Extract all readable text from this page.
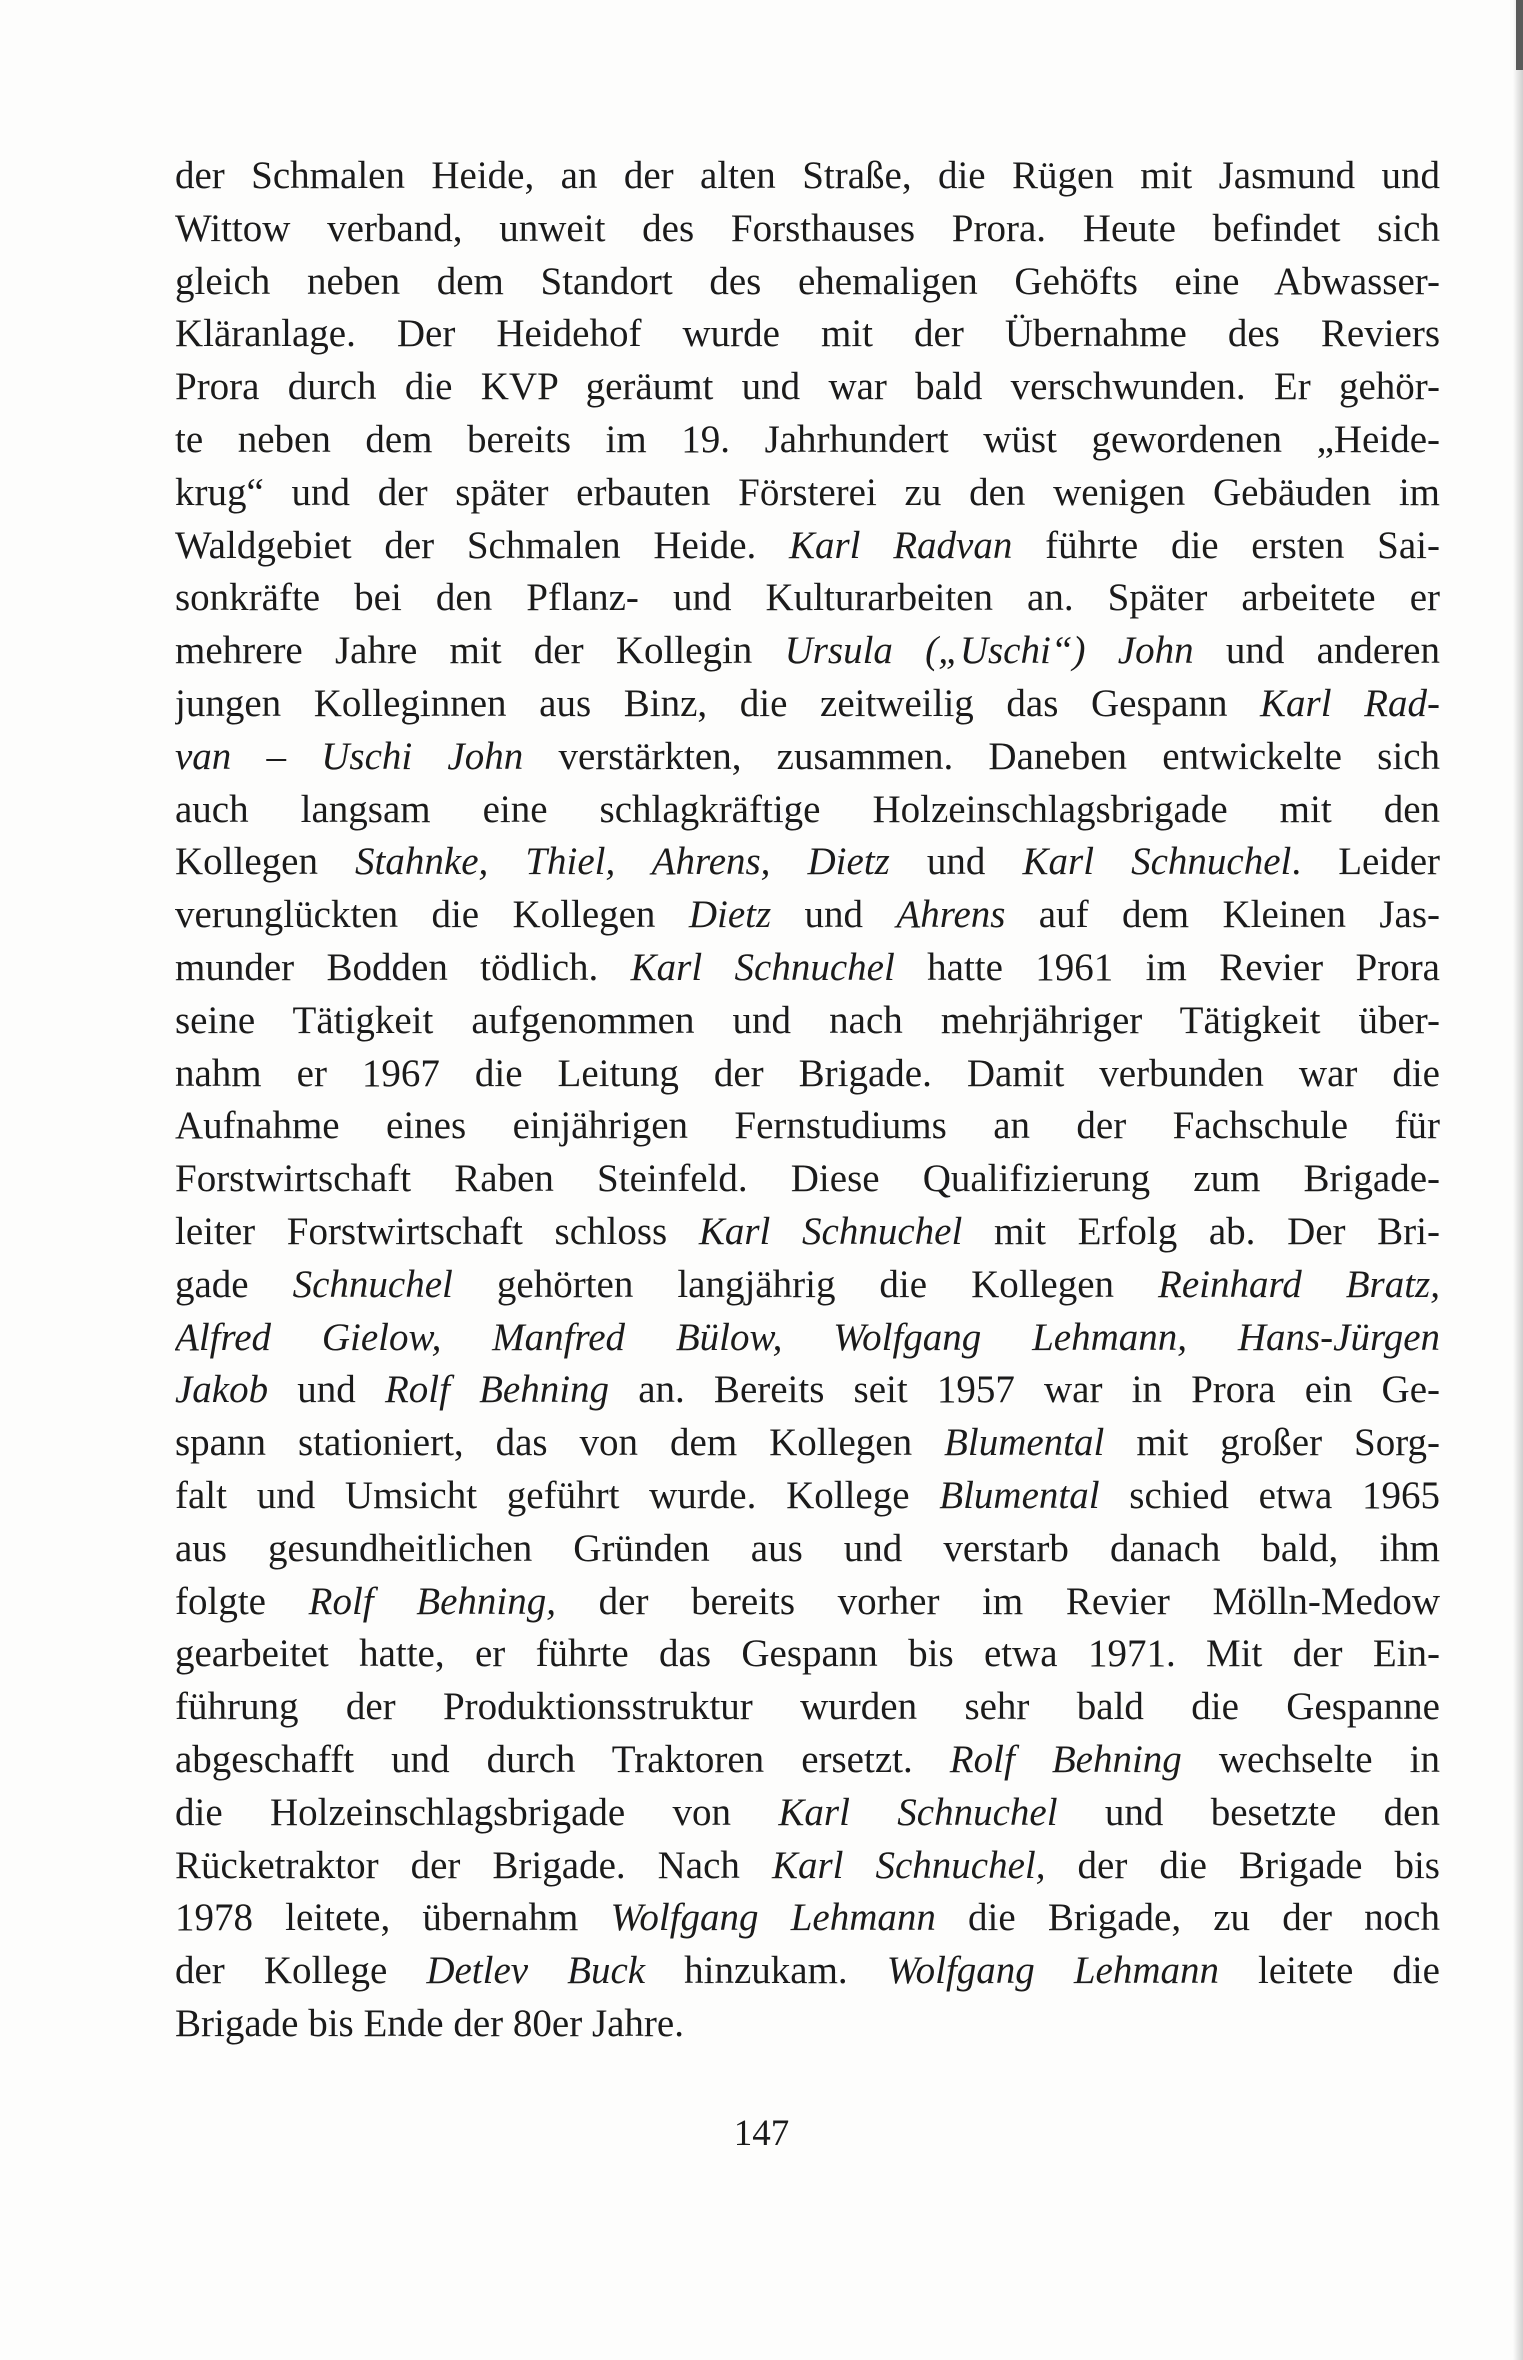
der Schmalen Heide, an der alten Straße, die Rügen mit Jasmund und
Wittow verband, unweit des Forsthauses Prora. Heute befindet sich
gleich neben dem Standort des ehemaligen Gehöfts eine Abwasser-
Kläranlage. Der Heidehof wurde mit der Übernahme des Reviers
Prora durch die KVP geräumt und war bald verschwunden. Er gehör-
te neben dem bereits im 19. Jahrhundert wüst gewordenen „Heide-
krug“ und der später erbauten Försterei zu den wenigen Gebäuden im
Waldgebiet der Schmalen Heide. Karl Radvan führte die ersten Sai-
sonkräfte bei den Pflanz- und Kulturarbeiten an. Später arbeitete er
mehrere Jahre mit der Kollegin Ursula („Uschi“) John und anderen
jungen Kolleginnen aus Binz, die zeitweilig das Gespann Karl Rad-
van – Uschi John verstärkten, zusammen. Daneben entwickelte sich
auch langsam eine schlagkräftige Holzeinschlagsbrigade mit den
Kollegen Stahnke, Thiel, Ahrens, Dietz und Karl Schnuchel. Leider
verunglückten die Kollegen Dietz und Ahrens auf dem Kleinen Jas-
munder Bodden tödlich. Karl Schnuchel hatte 1961 im Revier Prora
seine Tätigkeit aufgenommen und nach mehrjähriger Tätigkeit über-
nahm er 1967 die Leitung der Brigade. Damit verbunden war die
Aufnahme eines einjährigen Fernstudiums an der Fachschule für
Forstwirtschaft Raben Steinfeld. Diese Qualifizierung zum Brigade-
leiter Forstwirtschaft schloss Karl Schnuchel mit Erfolg ab. Der Bri-
gade Schnuchel gehörten langjährig die Kollegen Reinhard Bratz,
Alfred Gielow, Manfred Bülow, Wolfgang Lehmann, Hans-Jürgen
Jakob und Rolf Behning an. Bereits seit 1957 war in Prora ein Ge-
spann stationiert, das von dem Kollegen Blumental mit großer Sorg-
falt und Umsicht geführt wurde. Kollege Blumental schied etwa 1965
aus gesundheitlichen Gründen aus und verstarb danach bald, ihm
folgte Rolf Behning, der bereits vorher im Revier Mölln-Medow
gearbeitet hatte, er führte das Gespann bis etwa 1971. Mit der Ein-
führung der Produktionsstruktur wurden sehr bald die Gespanne
abgeschafft und durch Traktoren ersetzt. Rolf Behning wechselte in
die Holzeinschlagsbrigade von Karl Schnuchel und besetzte den
Rücketraktor der Brigade. Nach Karl Schnuchel, der die Brigade bis
1978 leitete, übernahm Wolfgang Lehmann die Brigade, zu der noch
der Kollege Detlev Buck hinzukam. Wolfgang Lehmann leitete die
Brigade bis Ende der 80er Jahre.
147
